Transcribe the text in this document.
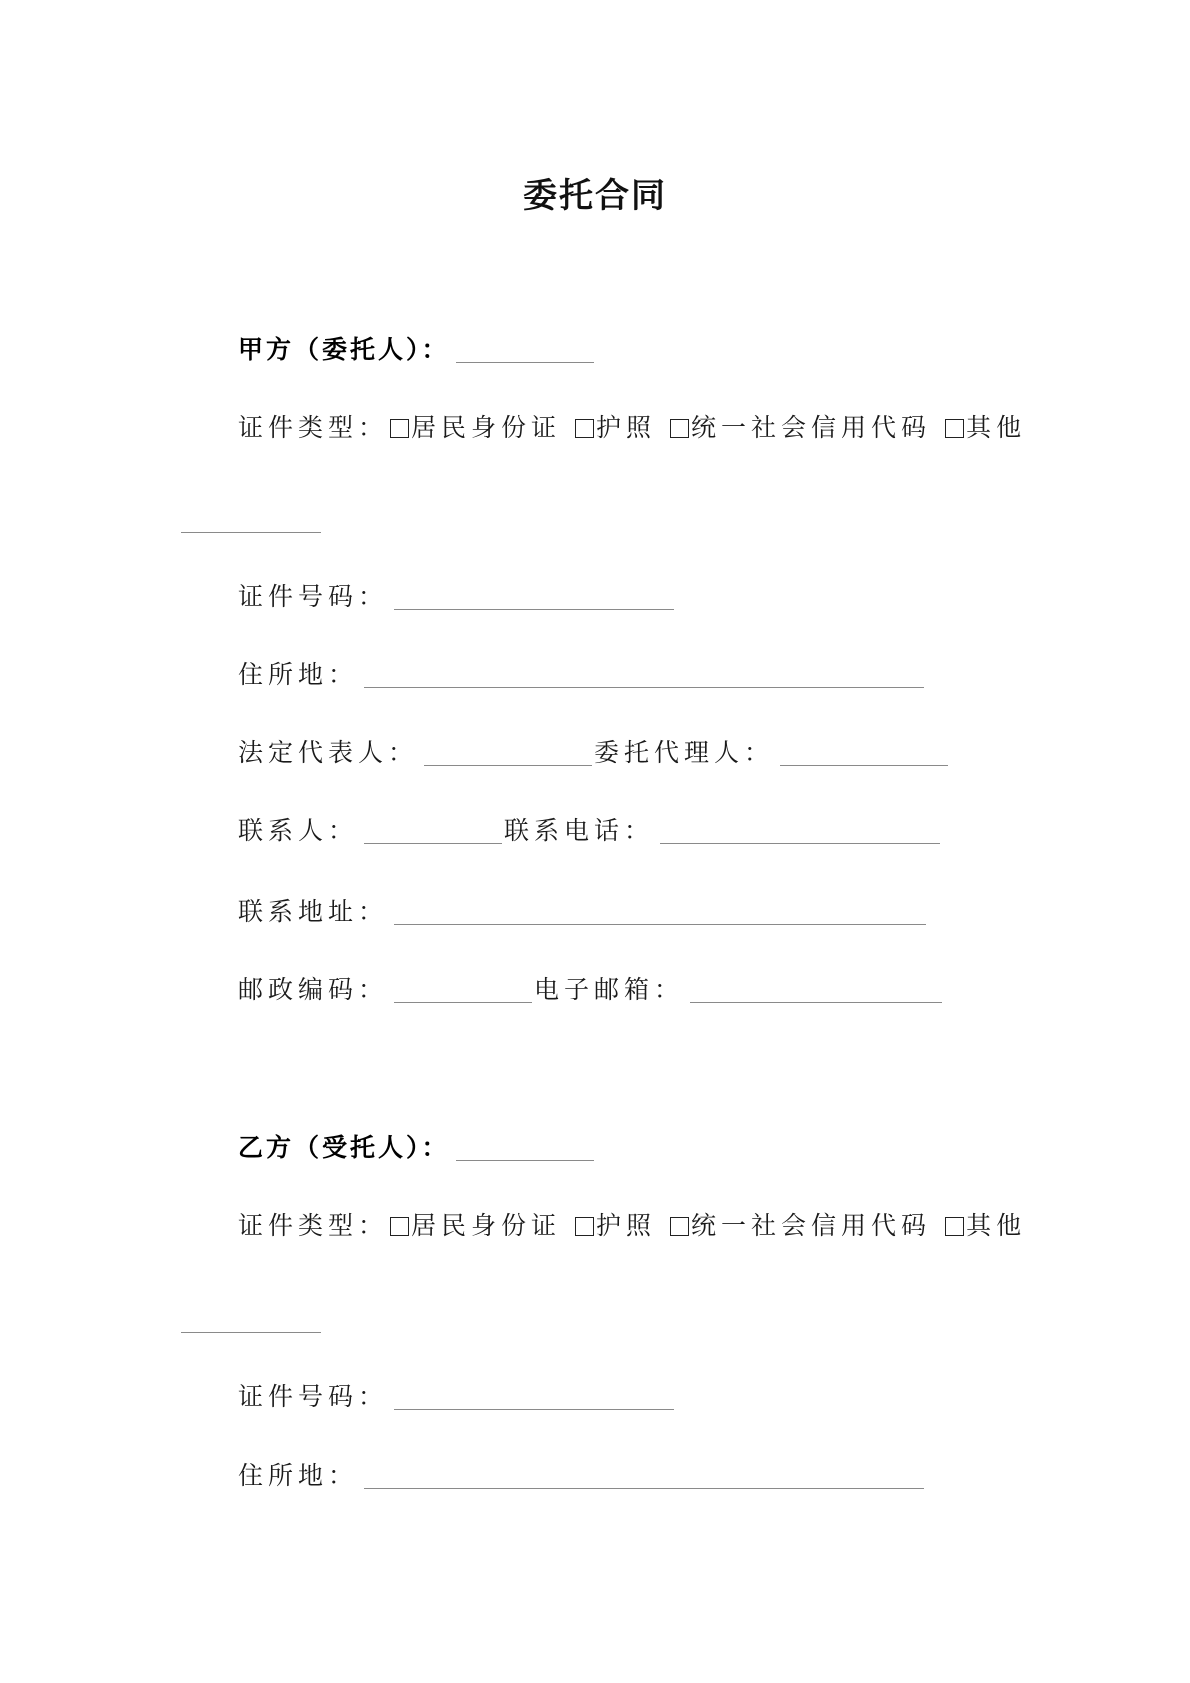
委托合同
甲方（委托人）：
证件类型： 居民身份证 护照 统一社会信用代码 其他
证件号码：
住所地：
法定代表人：	委托代理人：
联系人：	联系电话：
联系地址：
邮政编码：	电子邮箱：
乙方（受托人）：
证件类型： 居民身份证 护照 统一社会信用代码 其他
证件号码：
住所地：
